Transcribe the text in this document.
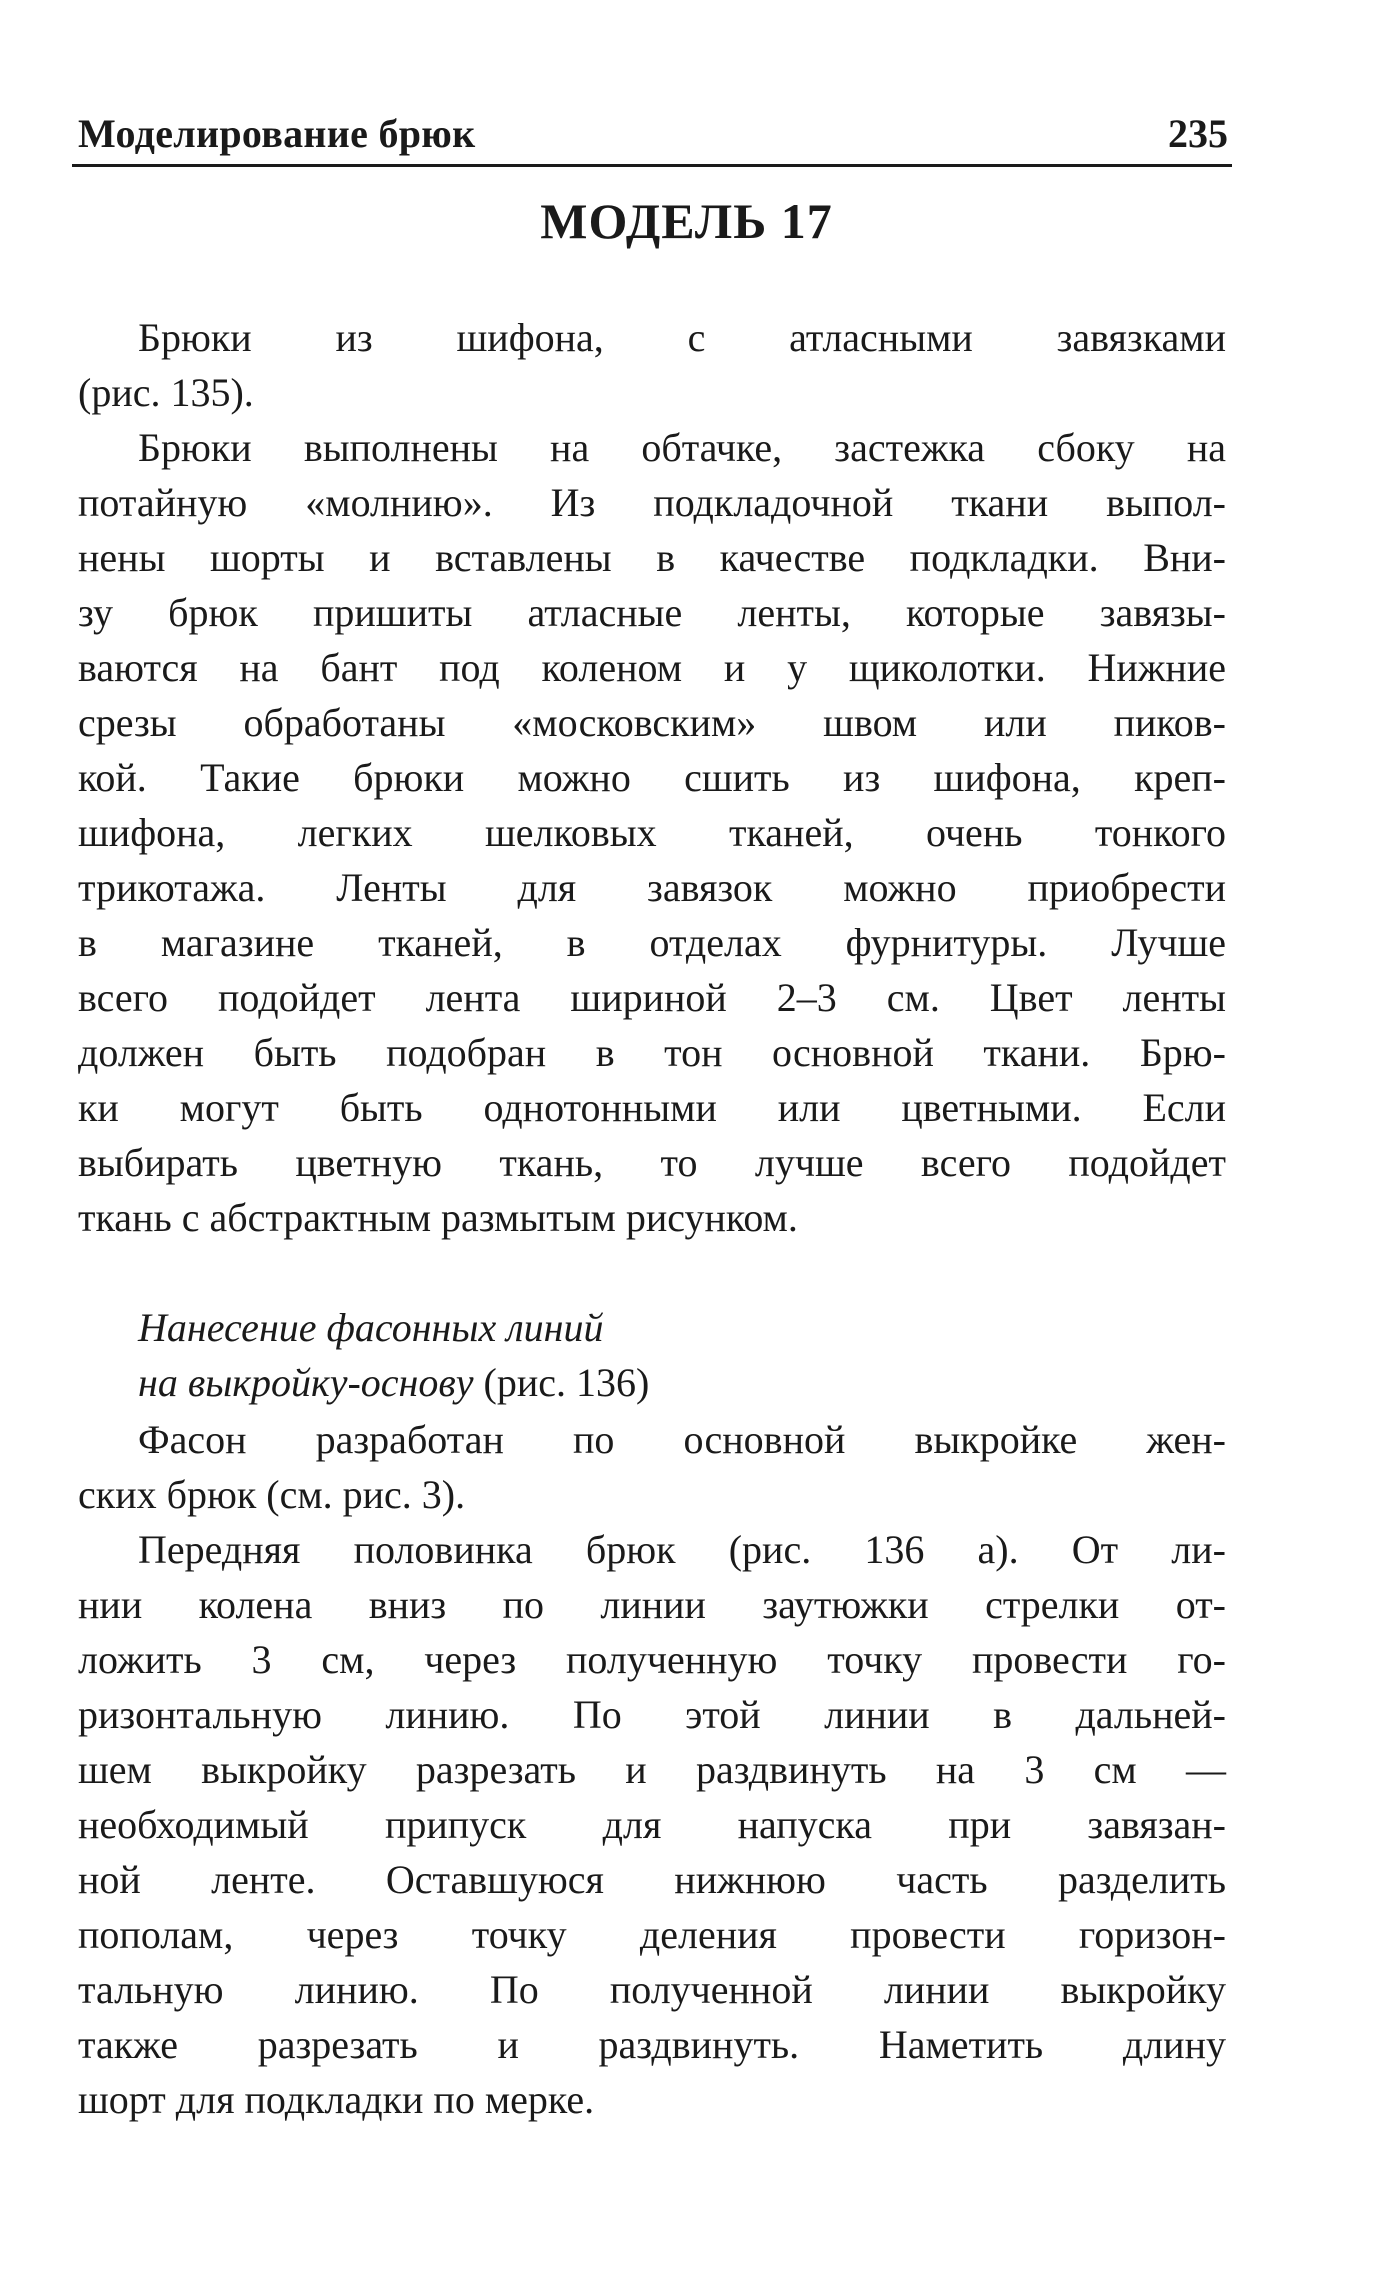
Моделирование брюк	235
МОДЕЛЬ 17
Брюки из шифона, с атласными завязками
(рис. 135).
Брюки выполнены на обтачке, застежка сбоку на
потайную «молнию». Из подкладочной ткани выпол-
нены шорты и вставлены в качестве подкладки. Вни-
зу брюк пришиты атласные ленты, которые завязы-
ваются на бант под коленом и у щиколотки. Нижние
срезы обработаны «московским» швом или пиков-
кой. Такие брюки можно сшить из шифона, креп-
шифона, легких шелковых тканей, очень тонкого
трикотажа. Ленты для завязок можно приобрести
в магазине тканей, в отделах фурнитуры. Лучше
всего подойдет лента шириной 2–3 см. Цвет ленты
должен быть подобран в тон основной ткани. Брю-
ки могут быть однотонными или цветными. Если
выбирать цветную ткань, то лучше всего подойдет
ткань с абстрактным размытым рисунком.
Нанесение фасонных линий
на выкройку-основу (рис. 136)
Фасон разработан по основной выкройке жен-
ских брюк (см. рис. 3).
Передняя половинка брюк (рис. 136 а). От ли-
нии колена вниз по линии заутюжки стрелки от-
ложить 3 см, через полученную точку провести го-
ризонтальную линию. По этой линии в дальней-
шем выкройку разрезать и раздвинуть на 3 см —
необходимый припуск для напуска при завязан-
ной ленте. Оставшуюся нижнюю часть разделить
пополам, через точку деления провести горизон-
тальную линию. По полученной линии выкройку
также разрезать и раздвинуть. Наметить длину
шорт для подкладки по мерке.
